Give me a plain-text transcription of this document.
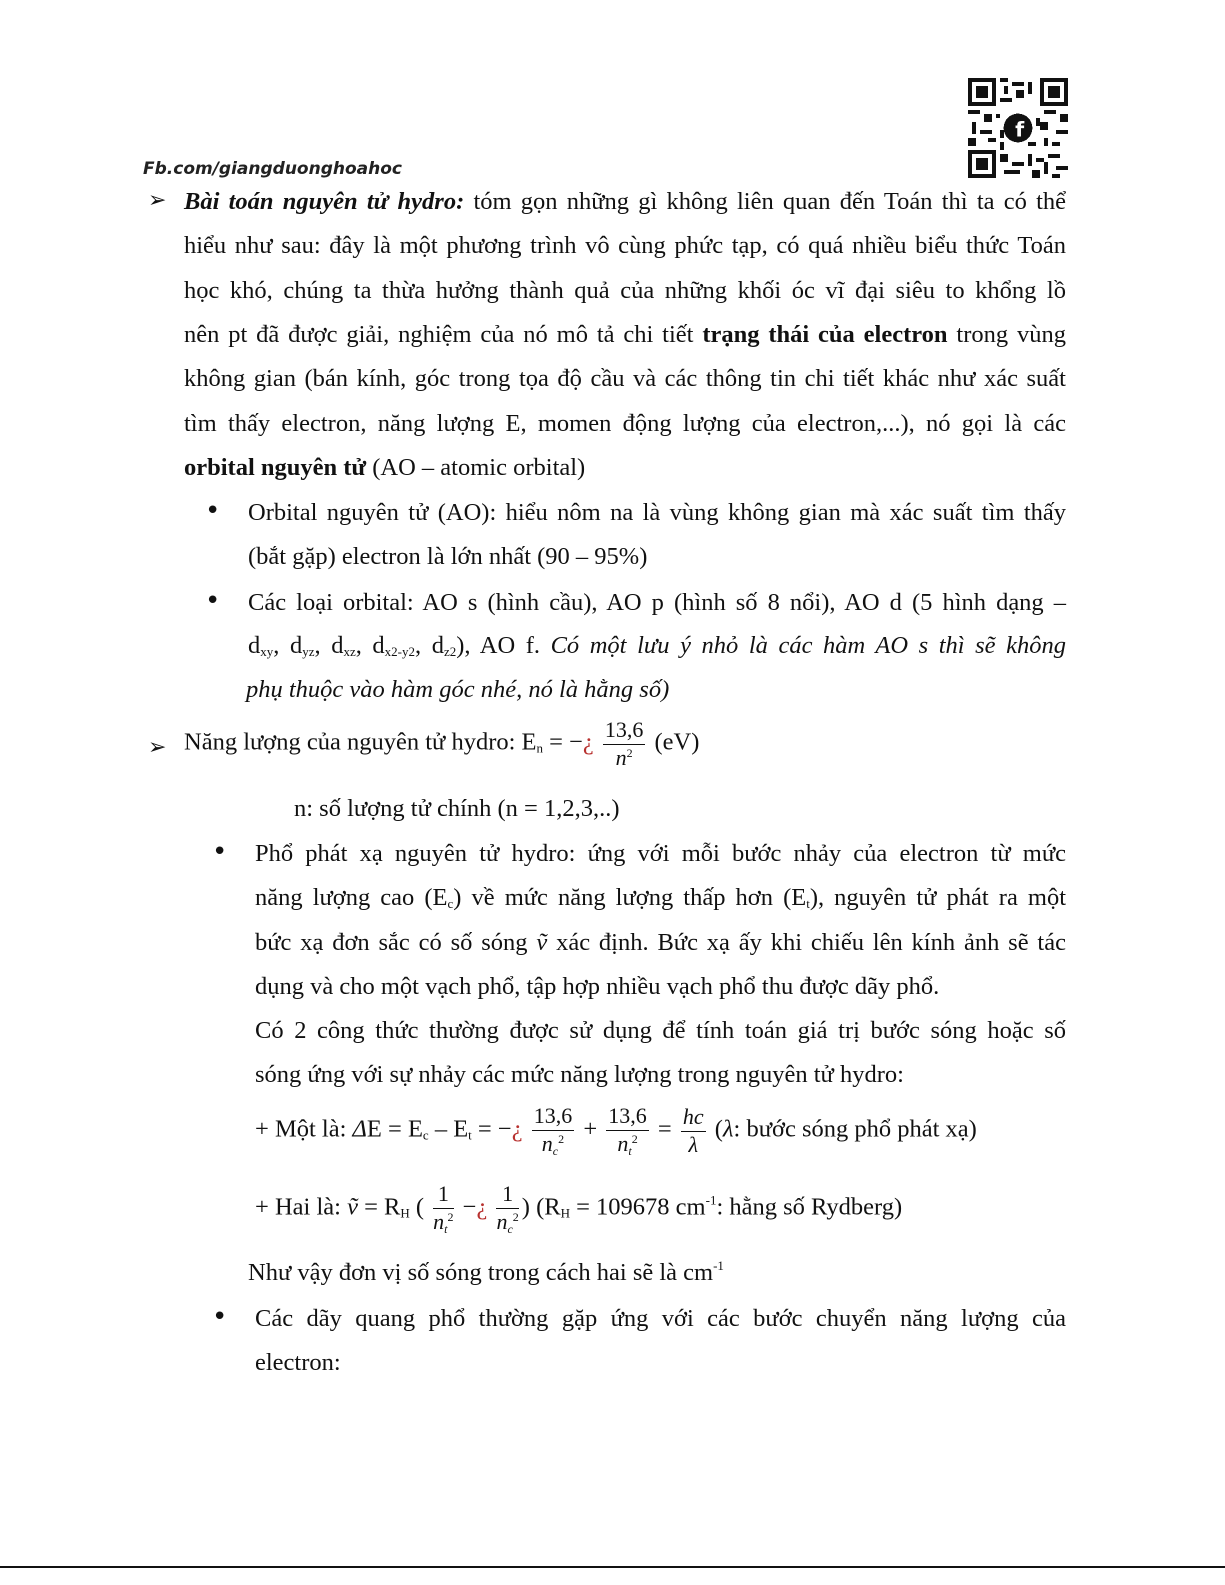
Fb.com/giangduonghoahoc
f
➢ Bài toán nguyên tử hydro: tóm gọn những gì không liên quan đến Toán thì ta có thể
hiểu như sau: đây là một phương trình vô cùng phức tạp, có quá nhiều biểu thức Toán
học khó, chúng ta thừa hưởng thành quả của những khối óc vĩ đại siêu to khổng lồ
nên pt đã được giải, nghiệm của nó mô tả chi tiết trạng thái của electron trong vùng
không gian (bán kính, góc trong tọa độ cầu và các thông tin chi tiết khác như xác suất
tìm thấy electron, năng lượng E, momen động lượng của electron,...), nó gọi là các
orbital nguyên tử (AO – atomic orbital)
• Orbital nguyên tử (AO): hiểu nôm na là vùng không gian mà xác suất tìm thấy
(bắt gặp) electron là lớn nhất (90 – 95%)
• Các loại orbital: AO s (hình cầu), AO p (hình số 8 nổi), AO d (5 hình dạng –
$d_{xy}$, $d_{yz}$, $d_{xz}$, $d_{x2-y2}$, $d_{z2}$), AO f. Có một lưu ý nhỏ là các hàm AO s thì sẽ không
phụ thuộc vào hàm góc nhé, nó là hằng số)
➢ Năng lượng của nguyên tử hydro: $E_n$ = −¿ $\frac{13,6}{n^2} (eV)$
n: số lượng tử chính (n = 1,2,3,..)
• Phổ phát xạ nguyên tử hydro: ứng với mỗi bước nhảy của electron từ mức
năng lượng cao $(E_c)$ về mức năng lượng thấp hơn $(E_t)$, nguyên tử phát ra một
bức xạ đơn sắc có số sóng ṽ xác định. Bức xạ ấy khi chiếu lên kính ảnh sẽ tác
dụng và cho một vạch phổ, tập hợp nhiều vạch phổ thu được dãy phổ.
Có 2 công thức thường được sử dụng để tính toán giá trị bước sóng hoặc số
sóng ứng với sự nhảy các mức năng lượng trong nguyên tử hydro:
+ Một là: $\Delta E = E_c - E_t$ = −¿ $\frac{13,6}{n_c^2} + \frac{13,6}{n_t^2} = \frac{hc}{\lambda} (\lambda$: bước sóng phổ phát xạ)
+ Hai là: ṽ = $R_H$ ( $\frac{1}{n_t^2}$ −¿ $\frac{1}{n_c^2}$ ) ($R_H = 109678$ $cm^{-1}$: hằng số Rydberg)
Như vậy đơn vị số sóng trong cách hai sẽ là $cm^{-1}$
• Các dãy quang phổ thường gặp ứng với các bước chuyển năng lượng của
electron:
